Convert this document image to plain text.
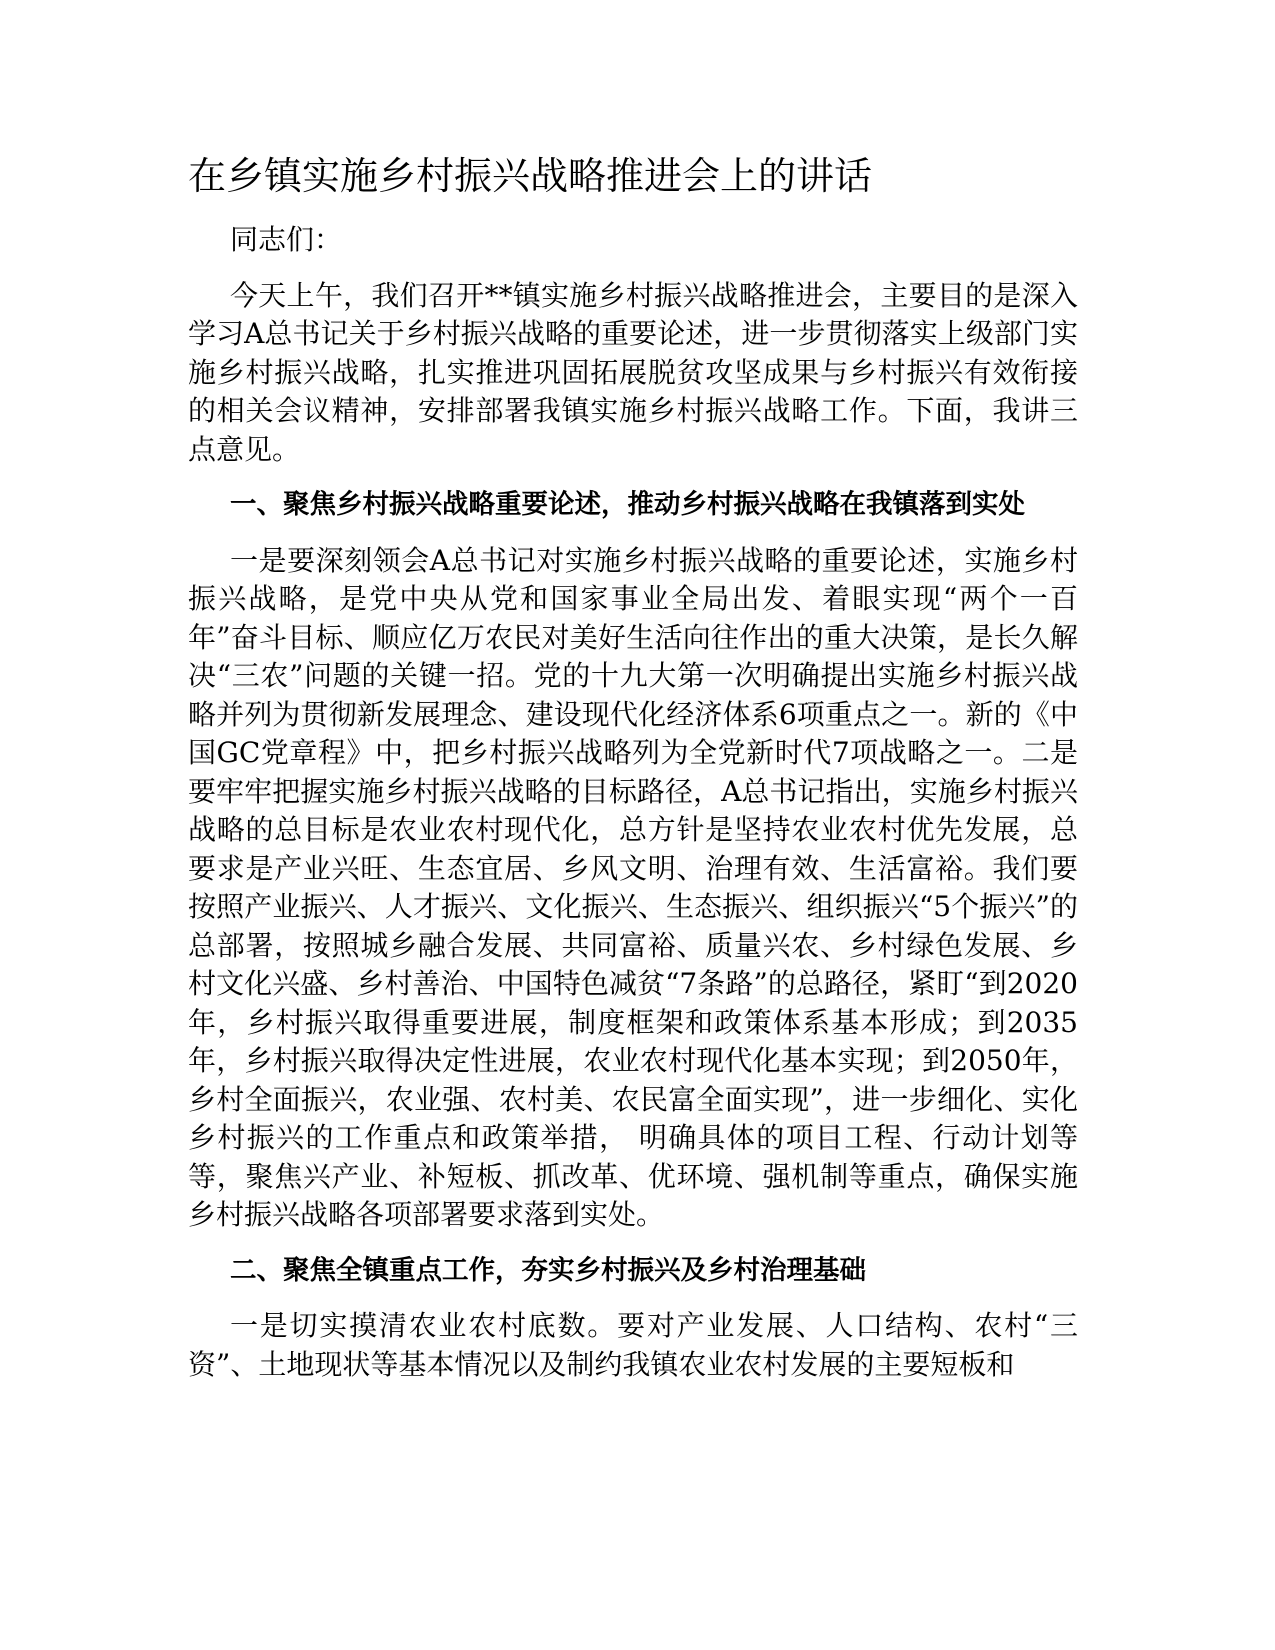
在乡镇实施乡村振兴战略推进会上的讲话

同志们：

今天上午，我们召开**镇实施乡村振兴战略推进会，主要目的是深入学习A总书记关于乡村振兴战略的重要论述，进一步贯彻落实上级部门实施乡村振兴战略，扎实推进巩固拓展脱贫攻坚成果与乡村振兴有效衔接的相关会议精神，安排部署我镇实施乡村振兴战略工作。下面，我讲三点意见。

一、聚焦乡村振兴战略重要论述，推动乡村振兴战略在我镇落到实处

一是要深刻领会A总书记对实施乡村振兴战略的重要论述，实施乡村振兴战略，是党中央从党和国家事业全局出发、着眼实现“两个一百年”奋斗目标、顺应亿万农民对美好生活向往作出的重大决策，是长久解决“三农”问题的关键一招。党的十九大第一次明确提出实施乡村振兴战略并列为贯彻新发展理念、建设现代化经济体系6项重点之一。新的《中国GC党章程》中，把乡村振兴战略列为全党新时代7项战略之一。二是要牢牢把握实施乡村振兴战略的目标路径，A总书记指出，实施乡村振兴战略的总目标是农业农村现代化，总方针是坚持农业农村优先发展，总要求是产业兴旺、生态宜居、乡风文明、治理有效、生活富裕。我们要按照产业振兴、人才振兴、文化振兴、生态振兴、组织振兴“5个振兴”的总部署，按照城乡融合发展、共同富裕、质量兴农、乡村绿色发展、乡村文化兴盛、乡村善治、中国特色减贫“7条路”的总路径，紧盯“到2020年，乡村振兴取得重要进展，制度框架和政策体系基本形成；到2035年，乡村振兴取得决定性进展，农业农村现代化基本实现；到2050年，乡村全面振兴，农业强、农村美、农民富全面实现”，进一步细化、实化乡村振兴的工作重点和政策举措， 明确具体的项目工程、行动计划等等，聚焦兴产业、补短板、抓改革、优环境、强机制等重点，确保实施乡村振兴战略各项部署要求落到实处。

二、聚焦全镇重点工作，夯实乡村振兴及乡村治理基础

一是切实摸清农业农村底数。要对产业发展、人口结构、农村“三资”、土地现状等基本情况以及制约我镇农业农村发展的主要短板和
